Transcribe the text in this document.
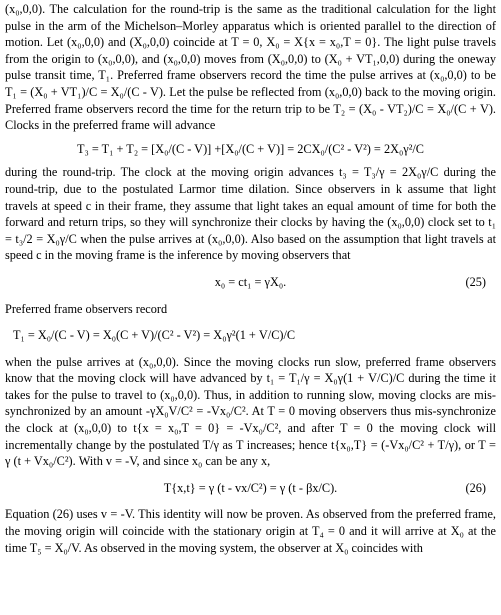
(x₀,0,0). The calculation for the round-trip is the same as the traditional calculation for the light pulse in the arm of the Michelson–Morley apparatus which is oriented parallel to the direction of motion. Let (x₀,0,0) and (X₀,0,0) coincide at T = 0, X₀ = X{x = x₀,T = 0}. The light pulse travels from the origin to (x₀,0,0), and (x₀,0,0) moves from (X₀,0,0) to (X₀ + VT₁,0,0) during the oneway pulse transit time, T₁. Preferred frame observers record the time the pulse arrives at (x₀,0,0) to be T₁ = (X₀ + VT₁)/C = X₀/(C - V). Let the pulse be reflected from (x₀,0,0) back to the moving origin. Preferred frame observers record the time for the return trip to be T₂ = (X₀ - VT₂)/C = X₀/(C + V). Clocks in the preferred frame will advance

T₃ = T₁ + T₂ = [X₀/(C - V)] +[X₀/(C + V)] = 2CX₀/(C² - V²) = 2X₀γ²/C

during the round-trip. The clock at the moving origin advances t₃ = T₃/γ = 2X₀γ/C during the round-trip, due to the postulated Larmor time dilation. Since observers in k assume that light travels at speed c in their frame, they assume that light takes an equal amount of time for both the forward and return trips, so they will synchronize their clocks by having the (x₀,0,0) clock set to t₁ = t₃/2 = X₀γ/C when the pulse arrives at (x₀,0,0). Also based on the assumption that light travels at speed c in the moving frame is the inference by moving observers that

x₀ = ct₁ = γX₀.	(25)

Preferred frame observers record

T₁ = X₀/(C - V) = X₀(C + V)/(C² - V²) = X₀γ²(1 + V/C)/C

when the pulse arrives at (x₀,0,0). Since the moving clocks run slow, preferred frame observers know that the moving clock will have advanced by t₁ = T₁/γ = X₀γ(1 + V/C)/C during the time it takes for the pulse to travel to (x₀,0,0). Thus, in addition to running slow, moving clocks are mis-synchronized by an amount -γX₀V/C² = -Vx₀/C². At T = 0 moving observers thus mis-synchronize the clock at (x₀,0,0) to t{x = x₀,T = 0} = -Vx₀/C², and after T = 0 the moving clock will incrementally change by the postulated T/γ as T increases; hence t{x₀,T} = (-Vx₀/C² + T/γ), or T = γ (t + Vx₀/C²). With v = -V, and since x₀ can be any x,

T{x,t} = γ (t - vx/C²) = γ (t - βx/C).	(26)

Equation (26) uses v = -V. This identity will now be proven. As observed from the preferred frame, the moving origin will coincide with the stationary origin at T₄ = 0 and it will arrive at X₀ at the time T₅ = X₀/V. As observed in the moving system, the observer at X₀ coincides with
